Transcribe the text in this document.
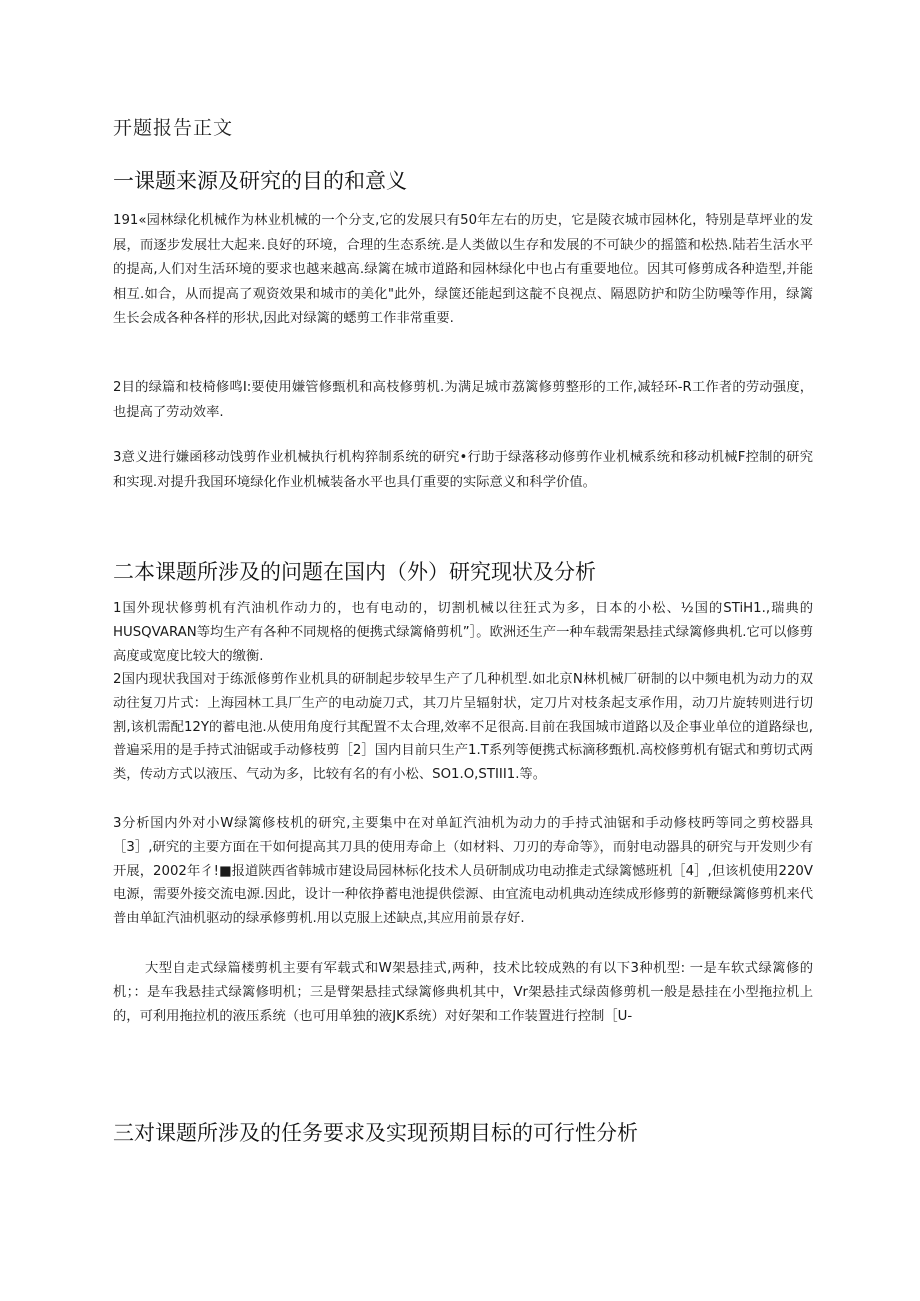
开题报告正文
一课题来源及研究的目的和意义

191«园林绿化机械作为林业机械的一个分支,它的发展只有50年左右的历史，它是陵衣城市园林化，特别是草坪业的发展，而逐步发展壮大起来.良好的环境，合理的生态系统.是人类做以生存和发展的不可缺少的摇篮和松热.陆若生活水平的提高,人们对生活环境的要求也越来越高.绿篱在城市道路和园林绿化中也占有重要地位。因其可修剪成各种造型,并能相互.如合，从而提高了观资效果和城市的美化"此外，绿箧还能起到这靛不良视点、隔恩防护和防尘防噪等作用，绿篱生长会成各种各样的形状,因此对绿篱的蟋剪工作非常重要.

2目的绿篇和枝椅修鸣I:要使用嫌管修甄机和高枝修剪机.为满足城市荔篱修剪整形的工作,减轻环-R工作者的劳动强度，也提高了劳动效率.

3意义进行嫌函移动饯剪作业机械执行机构猝制系统的研究•行助于绿落移动修剪作业机械系统和移动机械F控制的研究和实现.对提升我国环境绿化作业机械装备水平也具仃重要的实际意义和科学价值。

二本课题所涉及的问题在国内（外）研究现状及分析

1国外现状修剪机有汽油机作动力的，也有电动的，切割机械以往狂式为多，日本的小松、½国的STiH1.,瑞典的HUSQVARAN等均生产有各种不同规格的便携式绿篱脩剪机”］。欧洲还生产一种车载需架悬挂式绿篱修典机.它可以修剪高度或宽度比较大的缴衡.

2国内现状我国对于练派修剪作业机具的研制起步较早生产了几种机型.如北京N林机械厂研制的以中频电机为动力的双动往复刀片式：上海园林工具厂生产的电动旋刀式，其刀片呈辐射状，定刀片对枝条起支承作用，动刀片旋转则进行切割,该机需配12Y的蓄电池.从使用角度行其配置不太合理,效率不足很高.目前在我国城市道路以及企事业单位的道路绿也,普遍采用的是手持式油锯或手动修枝剪［2］国内目前只生产1.T系列等便携式标滴移甄机.高校修剪机有锯式和剪切式两类，传动方式以液压、气动为多，比较有名的有小松、SO1.O,STIII1.等。

3分析国内外对小W绿篱修枝机的研究,主要集中在对单缸汽油机为动力的手持式油锯和手动修枝眄等同之剪校器具［3］,研究的主要方面在干如何提高其刀具的使用寿命上（如材料、刀刃的寿命等》，而射电动器具的研究与开发则少有开展，2002年彳!■报道陕西省韩城市建设局园林标化技术人员研制成功电动推走式绿篱憾班机［4］,但该机使用220V电源，需要外接交流电源.因此，设计一种依挣蓄电池提供偿源、由宜流电动机典动连续成形修剪的新鞭绿篱修剪机来代普由单缸汽油机驱动的绿承修剪机.用以克服上述缺点,其应用前景存好.

大型自走式绿篇楼剪机主要有军载式和W架悬挂式,两种，技术比较成熟的有以下3种机型: 一是车软式绿篱修的机；：是车我悬挂式绿篱修明机；三是臂架悬挂式绿篱修典机其中，Vr架悬挂式绿茵修剪机一般是悬挂在小型拖拉机上的，可利用拖拉机的液压系统（也可用单独的液JK系统）对好架和工作装置进行控制［U-

三对课题所涉及的任务要求及实现预期目标的可行性分析
